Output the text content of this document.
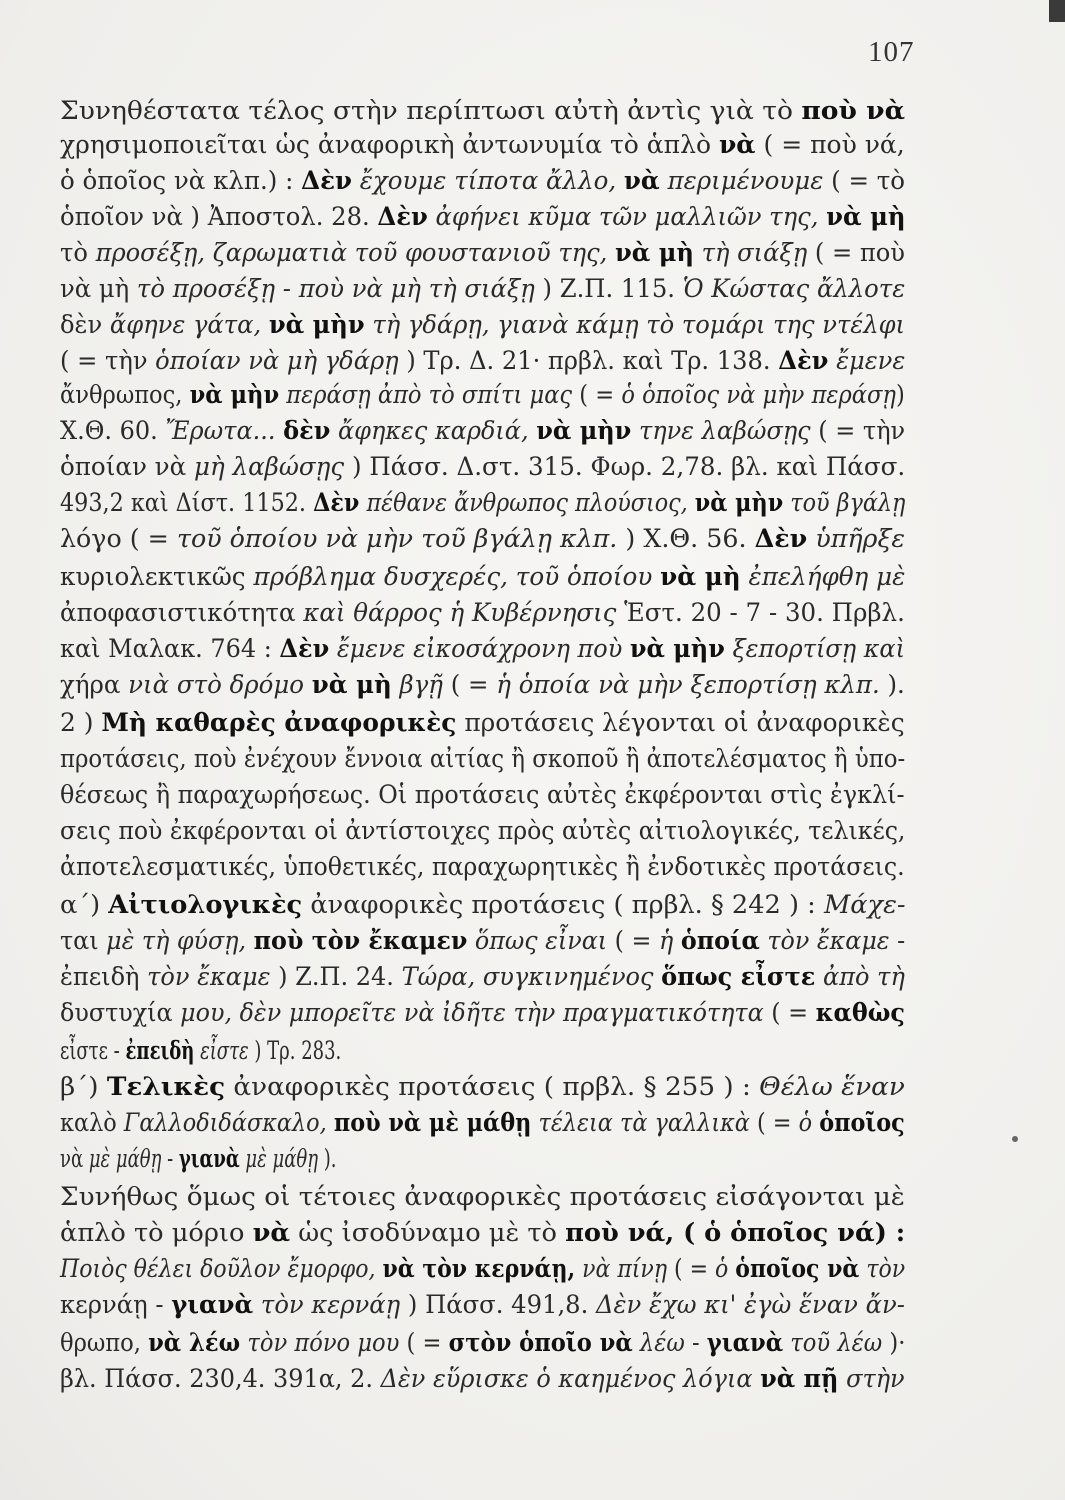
107
Συνηθέστατα τέλος στὴν περίπτωσι αὐτὴ ἀντὶς γιὰ τὸ ποὺ νὰ
χρησιμοποιεῖται ὡς ἀναφορικὴ ἀντωνυμία τὸ ἁπλὸ νὰ ( = ποὺ νά,
ὁ ὁποῖος νὰ κλπ.) : Δὲν ἔχουμε τίποτα ἄλλο, νὰ περιμένουμε ( = τὸ
ὁποῖον νὰ ) Ἀποστολ. 28. Δὲν ἀφήνει κῦμα τῶν μαλλιῶν της, νὰ μὴ
τὸ προσέξῃ, ζαρωματιὰ τοῦ φουστανιοῦ της, νὰ μὴ τὴ σιάξῃ ( = ποὺ
νὰ μὴ τὸ προσέξῃ - ποὺ νὰ μὴ τὴ σιάξῃ ) Ζ.Π. 115. Ὁ Κώστας ἄλλοτε
δὲν ἄφηνε γάτα, νὰ μὴν τὴ γδάρῃ, γιανὰ κάμῃ τὸ τομάρι της ντέλφι
( = τὴν ὁποίαν νὰ μὴ γδάρῃ ) Τρ. Δ. 21· πρβλ. καὶ Τρ. 138. Δὲν ἔμενε
ἄνθρωπος, νὰ μὴν περάσῃ ἀπὸ τὸ σπίτι μας ( = ὁ ὁποῖος νὰ μὴν περάσῃ)
Χ.Θ. 60. Ἔρωτα... δὲν ἄφηκες καρδιά, νὰ μὴν τηνε λαβώσῃς ( = τὴν
ὁποίαν νὰ μὴ λαβώσῃς ) Πάσσ. Δ.στ. 315. Φωρ. 2,78. βλ. καὶ Πάσσ.
493,2 καὶ Δίστ. 1152. Δὲν πέθανε ἄνθρωπος πλούσιος, νὰ μὴν τοῦ βγάλῃ
λόγο ( = τοῦ ὁποίου νὰ μὴν τοῦ βγάλῃ κλπ. ) Χ.Θ. 56. Δὲν ὑπῆρξε
κυριολεκτικῶς πρόβλημα δυσχερές, τοῦ ὁποίου νὰ μὴ ἐπελήφθη μὲ
ἀποφασιστικότητα καὶ θάρρος ἡ Κυβέρνησις Ἑστ. 20 - 7 - 30. Πρβλ.
καὶ Μαλακ. 764 : Δὲν ἔμενε εἰκοσάχρονη ποὺ νὰ μὴν ξεπορτίσῃ καὶ
χήρα νιὰ στὸ δρόμο νὰ μὴ βγῇ ( = ἡ ὁποία νὰ μὴν ξεπορτίσῃ κλπ. ).
2 ) Μὴ καθαρὲς ἀναφορικὲς προτάσεις λέγονται οἱ ἀναφορικὲς
προτάσεις, ποὺ ἐνέχουν ἔννοια αἰτίας ἢ σκοποῦ ἢ ἀποτελέσματος ἢ ὑπο-
θέσεως ἢ παραχωρήσεως. Οἱ προτάσεις αὐτὲς ἐκφέρονται στὶς ἐγκλί-
σεις ποὺ ἐκφέρονται οἱ ἀντίστοιχες πρὸς αὐτὲς αἰτιολογικές, τελικές,
ἀποτελεσματικές, ὑποθετικές, παραχωρητικὲς ἢ ἐνδοτικὲς προτάσεις.
α΄) Αἰτιολογικὲς ἀναφορικὲς προτάσεις ( πρβλ. § 242 ) : Μάχε-
ται μὲ τὴ φύσῃ, ποὺ τὸν ἔκαμεν ὅπως εἶναι ( = ἡ ὁποία τὸν ἔκαμε -
ἐπειδὴ τὸν ἔκαμε ) Ζ.Π. 24. Τώρα, συγκινημένος ὅπως εἶστε ἀπὸ τὴ
δυστυχία μου, δὲν μπορεῖτε νὰ ἰδῆτε τὴν πραγματικότητα ( = καθὼς
εἶστε - ἐπειδὴ εἶστε ) Τρ. 283.
β΄) Τελικὲς ἀναφορικὲς προτάσεις ( πρβλ. § 255 ) : Θέλω ἕναν
καλὸ Γαλλοδιδάσκαλο, ποὺ νὰ μὲ μάθῃ τέλεια τὰ γαλλικὰ ( = ὁ ὁποῖος
νὰ μὲ μάθῃ - γιανὰ μὲ μάθῃ ).
Συνήθως ὅμως οἱ τέτοιες ἀναφορικὲς προτάσεις εἰσάγονται μὲ
ἁπλὸ τὸ μόριο νὰ ὡς ἰσοδύναμο μὲ τὸ ποὺ νά, ( ὁ ὁποῖος νά) :
Ποιὸς θέλει δοῦλον ἔμορφο, νὰ τὸν κερνάῃ, νὰ πίνῃ ( = ὁ ὁποῖος νὰ τὸν
κερνάῃ - γιανὰ τὸν κερνάῃ ) Πάσσ. 491,8. Δὲν ἔχω κι' ἐγὼ ἕναν ἄν-
θρωπο, νὰ λέω τὸν πόνο μου ( = στὸν ὁποῖο νὰ λέω - γιανὰ τοῦ λέω )·
βλ. Πάσσ. 230,4. 391α, 2. Δὲν εὕρισκε ὁ καημένος λόγια νὰ πῇ στὴν
